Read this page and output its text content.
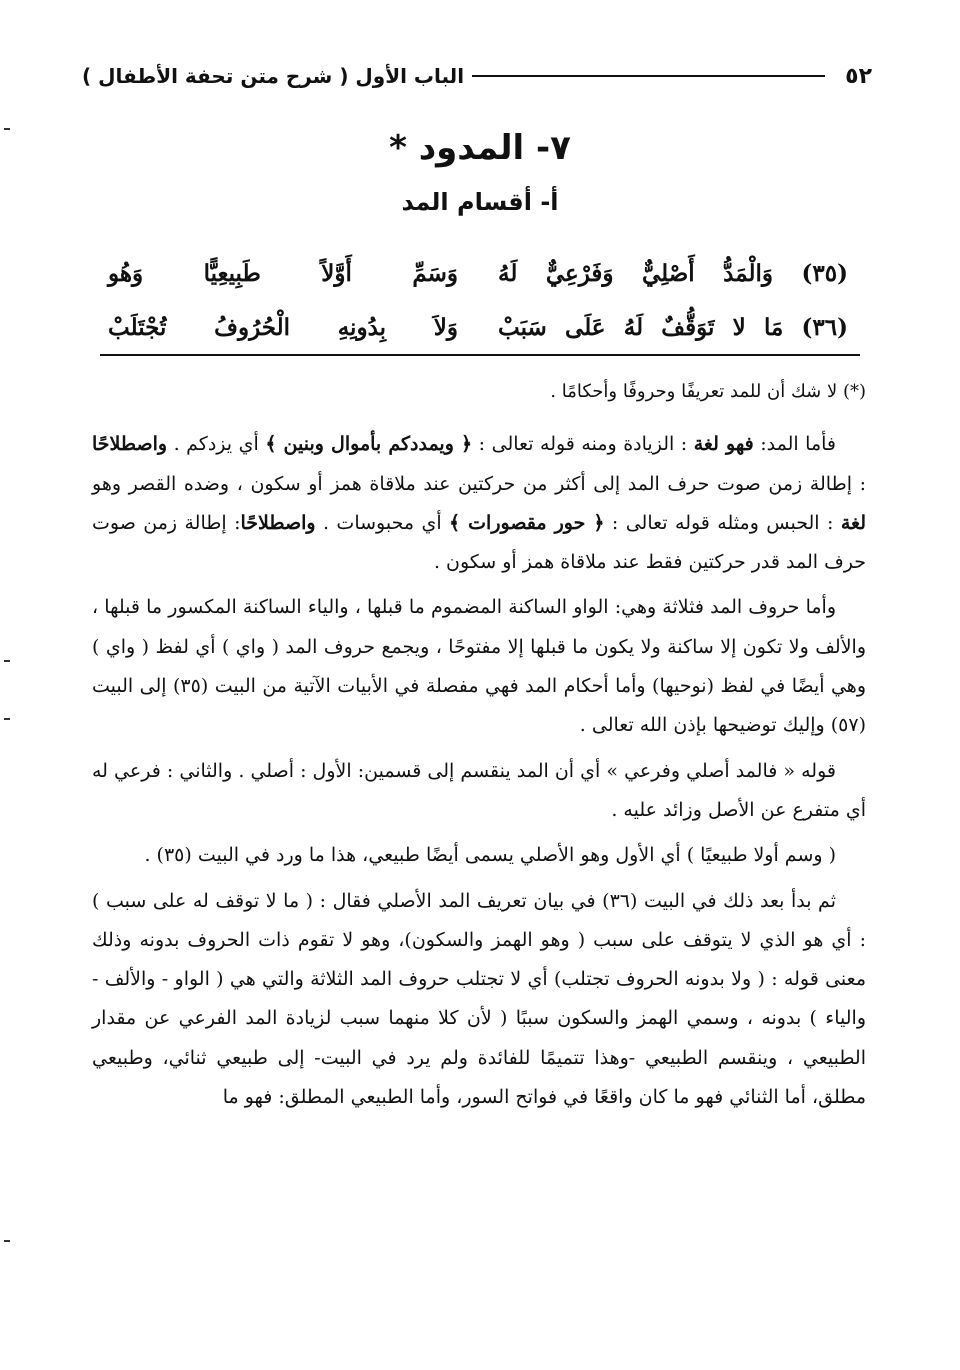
٥٢
الباب الأول ( شرح متن تحفة الأطفال )
٧- المدود *
أ- أقسام المد
(٣٥) وَالْمَدُّ أَصْلِيٌّ وَفَرْعِيٌّ لَهُ
وَسَمِّ أَوَّلاً طَبِيعِيًّا وَهُو
(٣٦) مَا لا تَوَقُّفٌ لَهُ عَلَى سَبَبْ
وَلاَ بِدُونِهِ الْحُرُوفُ تُجْتَلَبْ

(*) لا شك أن للمد تعريفًا وحروفًا وأحكامًا .

فأما المد: فهو لغة : الزيادة ومنه قوله تعالى : ﴿ ويمددكم بأموال وبنين ﴾ أي يزدكم . واصطلاحًا : إطالة زمن صوت حرف المد إلى أكثر من حركتين عند ملاقاة همز أو سكون ، وضده القصر وهو لغة : الحبس ومثله قوله تعالى : ﴿ حور مقصورات ﴾ أي محبوسات . واصطلاحًا: إطالة زمن صوت حرف المد قدر حركتين فقط عند ملاقاة همز أو سكون .

وأما حروف المد فثلاثة وهي: الواو الساكنة المضموم ما قبلها ، والياء الساكنة المكسور ما قبلها ، والألف ولا تكون إلا ساكنة ولا يكون ما قبلها إلا مفتوحًا ، ويجمع حروف المد ( واي ) أي لفظ ( واي ) وهي أيضًا في لفظ (نوحيها) وأما أحكام المد فهي مفصلة في الأبيات الآتية من البيت (٣٥) إلى البيت (٥٧) وإليك توضيحها بإذن الله تعالى .

قوله « فالمد أصلي وفرعي » أي أن المد ينقسم إلى قسمين: الأول : أصلي . والثاني : فرعي له أي متفرع عن الأصل وزائد عليه .

( وسم أولا طبيعيًا ) أي الأول وهو الأصلي يسمى أيضًا طبيعي، هذا ما ورد في البيت (٣٥) .

ثم بدأ بعد ذلك في البيت (٣٦) في بيان تعريف المد الأصلي فقال : ( ما لا توقف له على سبب ) : أي هو الذي لا يتوقف على سبب ( وهو الهمز والسكون)، وهو لا تقوم ذات الحروف بدونه وذلك معنى قوله : ( ولا بدونه الحروف تجتلب) أي لا تجتلب حروف المد الثلاثة والتي هي ( الواو - والألف - والياء ) بدونه ، وسمي الهمز والسكون سببًا ( لأن كلا منهما سبب لزيادة المد الفرعي عن مقدار الطبيعي ، وينقسم الطبيعي -وهذا تتميمًا للفائدة ولم يرد في البيت- إلى طبيعي ثنائي، وطبيعي مطلق، أما الثنائي فهو ما كان واقعًا في فواتح السور، وأما الطبيعي المطلق: فهو ما
